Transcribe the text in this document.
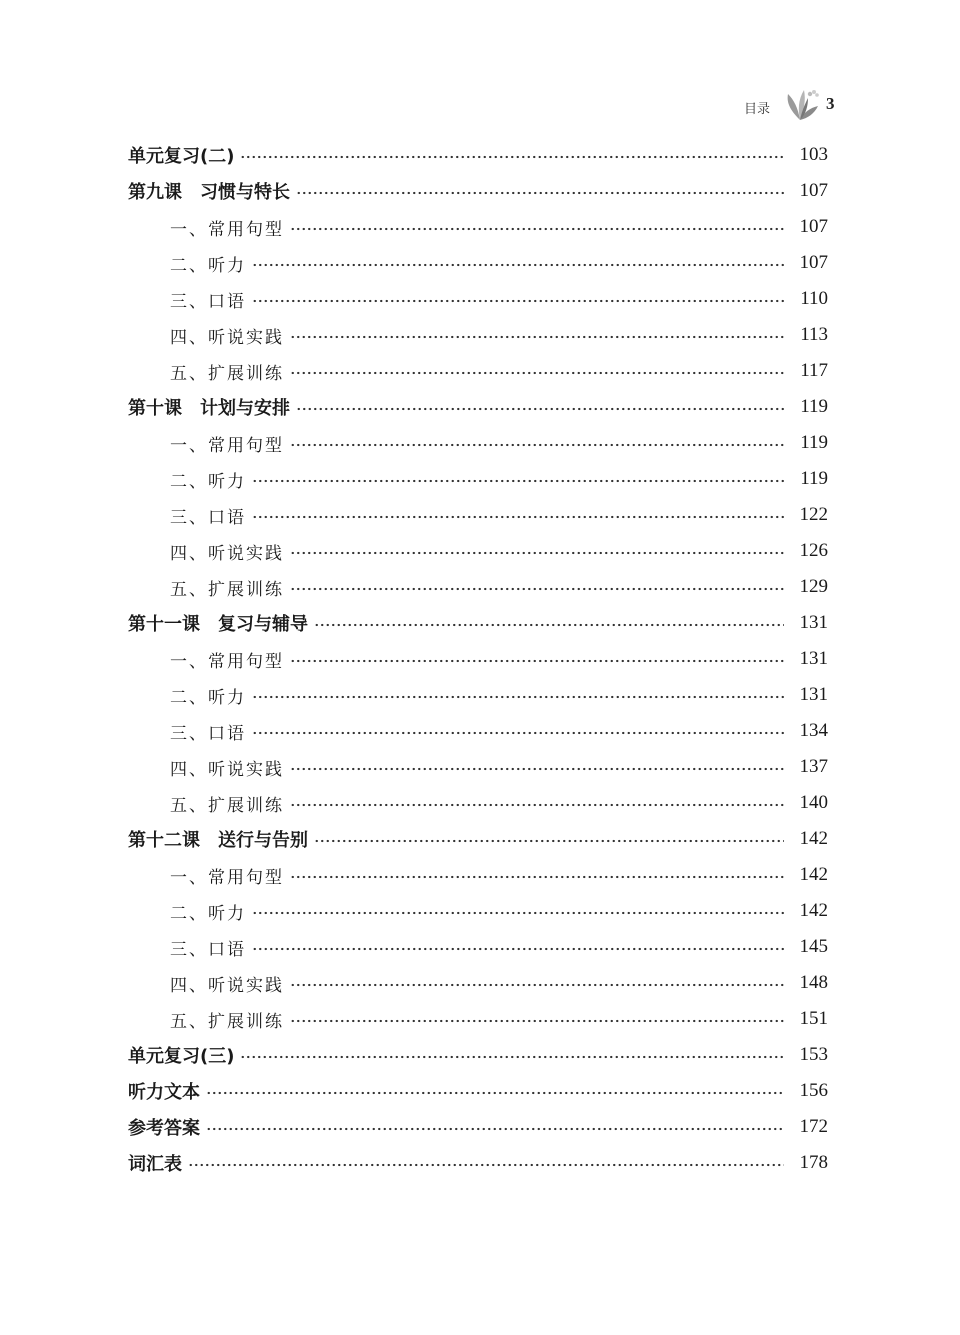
目录	3
单元复习(二)	103
第九课　习惯与特长	107
一、常用句型	107
二、听力	107
三、口语	110
四、听说实践	113
五、扩展训练	117
第十课　计划与安排	119
一、常用句型	119
二、听力	119
三、口语	122
四、听说实践	126
五、扩展训练	129
第十一课　复习与辅导	131
一、常用句型	131
二、听力	131
三、口语	134
四、听说实践	137
五、扩展训练	140
第十二课　送行与告别	142
一、常用句型	142
二、听力	142
三、口语	145
四、听说实践	148
五、扩展训练	151
单元复习(三)	153
听力文本	156
参考答案	172
词汇表	178
